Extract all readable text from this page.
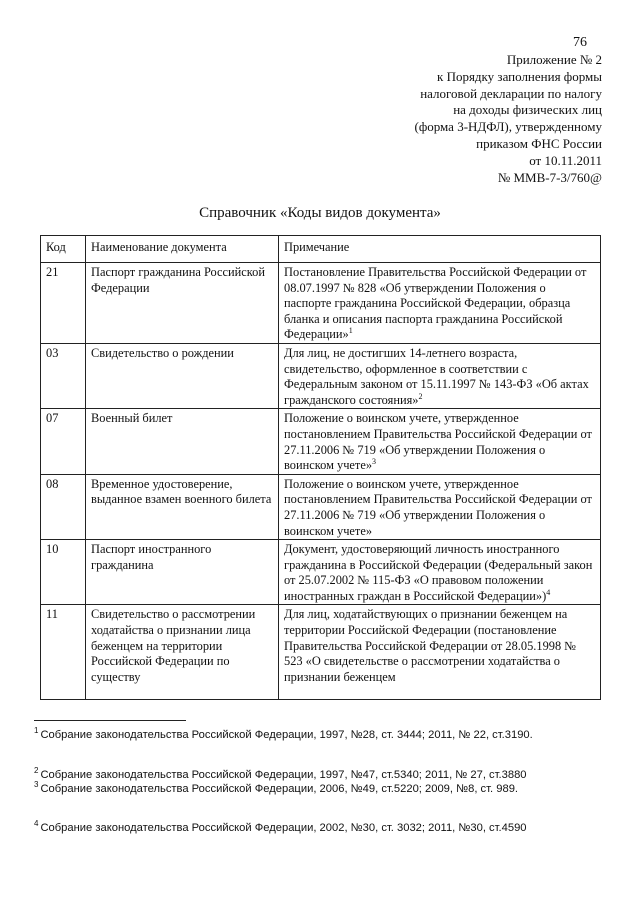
76
Приложение № 2
к Порядку заполнения формы
налоговой декларации по налогу
на доходы физических лиц
(форма 3-НДФЛ), утвержденному
приказом ФНС России
от 10.11.2011
№ ММВ-7-3/760@
Справочник «Коды видов документа»
Код	Наименование документа	Примечание
21	Паспорт гражданина Российской Федерации	Постановление Правительства Российской Федерации от 08.07.1997 № 828 «Об утверждении Положения о паспорте гражданина Российской Федерации, образца бланка и описания паспорта гражданина Российской Федерации»$^1$
03	Свидетельство о рождении	Для лиц, не достигших 14-летнего возраста, свидетельство, оформленное в соответствии с Федеральным законом от 15.11.1997 № 143-ФЗ «Об актах гражданского состояния»$^2$
07	Военный билет	Положение о воинском учете, утвержденное постановлением Правительства Российской Федерации от 27.11.2006 № 719 «Об утверждении Положения о воинском учете»$^3$
08	Временное удостоверение, выданное взамен военного билета	Положение о воинском учете, утвержденное постановлением Правительства Российской Федерации от 27.11.2006 № 719 «Об утверждении Положения о воинском учете»
10	Паспорт иностранного гражданина	Документ, удостоверяющий личность иностранного гражданина в Российской Федерации (Федеральный закон от 25.07.2002 № 115-ФЗ «О правовом положении иностранных граждан в Российской Федерации»)$^4$
11	Свидетельство о рассмотрении ходатайства о признании лица беженцем на территории Российской Федерации по существу	Для лиц, ходатайствующих о признании беженцем на территории Российской Федерации (постановление Правительства Российской Федерации от 28.05.1998 № 523 «О свидетельстве о рассмотрении ходатайства о признании беженцем
$^1$ Собрание законодательства Российской Федерации, 1997, №28, ст. 3444; 2011, № 22, ст.3190.
$^2$ Собрание законодательства Российской Федерации, 1997, №47, ст.5340; 2011, № 27, ст.3880
$^3$ Собрание законодательства Российской Федерации, 2006, №49, ст.5220; 2009, №8, ст. 989.
$^4$ Собрание законодательства Российской Федерации, 2002, №30, ст. 3032; 2011, №30, ст.4590
